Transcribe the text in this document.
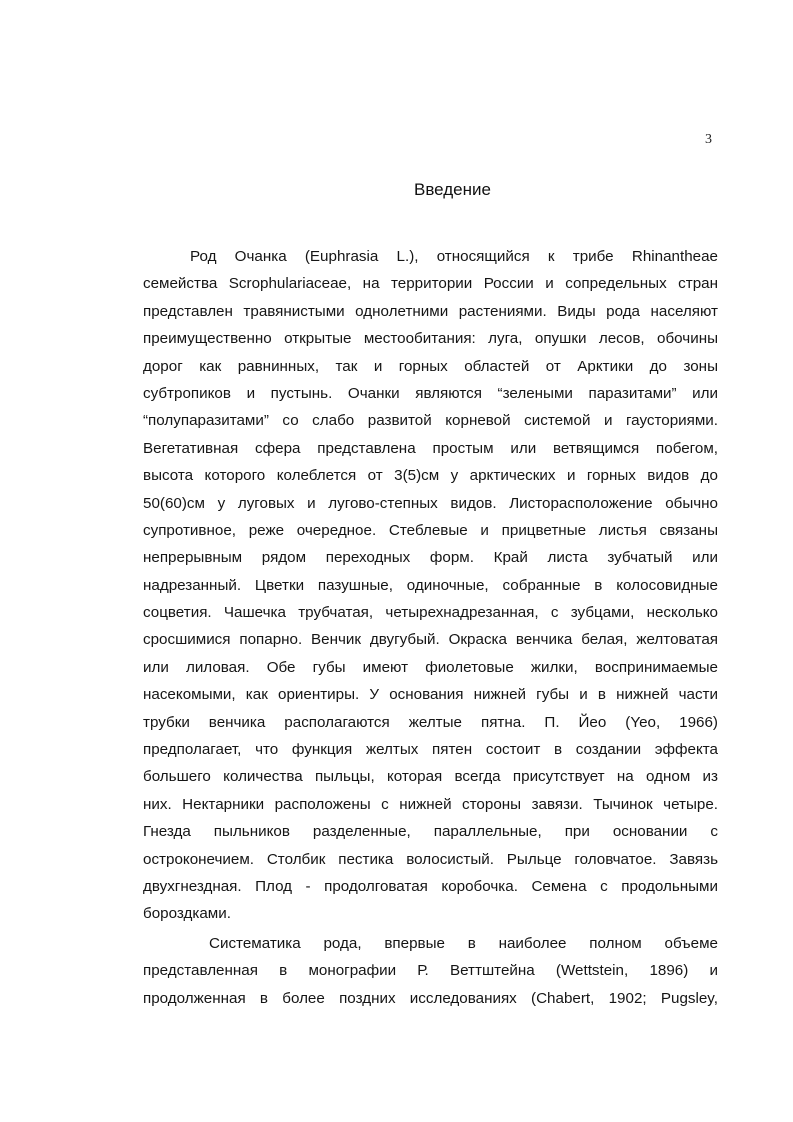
3
Введение
Род Очанка (Euphrasia L.), относящийся к трибе Rhinantheae
семейства Scrophulariaceae, на территории России и сопредельных стран
представлен травянистыми однолетними растениями. Виды рода населяют
преимущественно открытые местообитания: луга, опушки лесов, обочины
дорог как равнинных, так и горных областей от Арктики до зоны
субтропиков и пустынь. Очанки являются “зелеными паразитами” или
“полупаразитами” со слабо развитой корневой системой и гаусториями.
Вегетативная сфера представлена простым или ветвящимся побегом,
высота которого колеблется от 3(5)см у арктических и горных видов до
50(60)см у луговых и лугово-степных видов. Листорасположение обычно
супротивное, реже очередное. Стеблевые и прицветные листья связаны
непрерывным рядом переходных форм. Край листа зубчатый или
надрезанный. Цветки пазушные, одиночные, собранные в колосовидные
соцветия. Чашечка трубчатая, четырехнадрезанная, с зубцами, несколько
сросшимися попарно. Венчик двугубый. Окраска венчика белая, желтоватая
или лиловая. Обе губы имеют фиолетовые жилки, воспринимаемые
насекомыми, как ориентиры. У основания нижней губы и в нижней части
трубки венчика располагаются желтые пятна. П. Йео (Yeo, 1966)
предполагает, что функция желтых пятен состоит в создании эффекта
большего количества пыльцы, которая всегда присутствует на одном из
них. Нектарники расположены с нижней стороны завязи. Тычинок четыре.
Гнезда пыльников разделенные, параллельные, при основании с
остроконечием. Столбик пестика волосистый. Рыльце головчатое. Завязь
двухгнездная. Плод - продолговатая коробочка. Семена с продольными
бороздками.
Систематика рода, впервые в наиболее полном объеме
представленная в монографии Р. Веттштейна (Wettstein, 1896) и
продолженная в более поздних исследованиях (Chabert, 1902; Pugsley,
